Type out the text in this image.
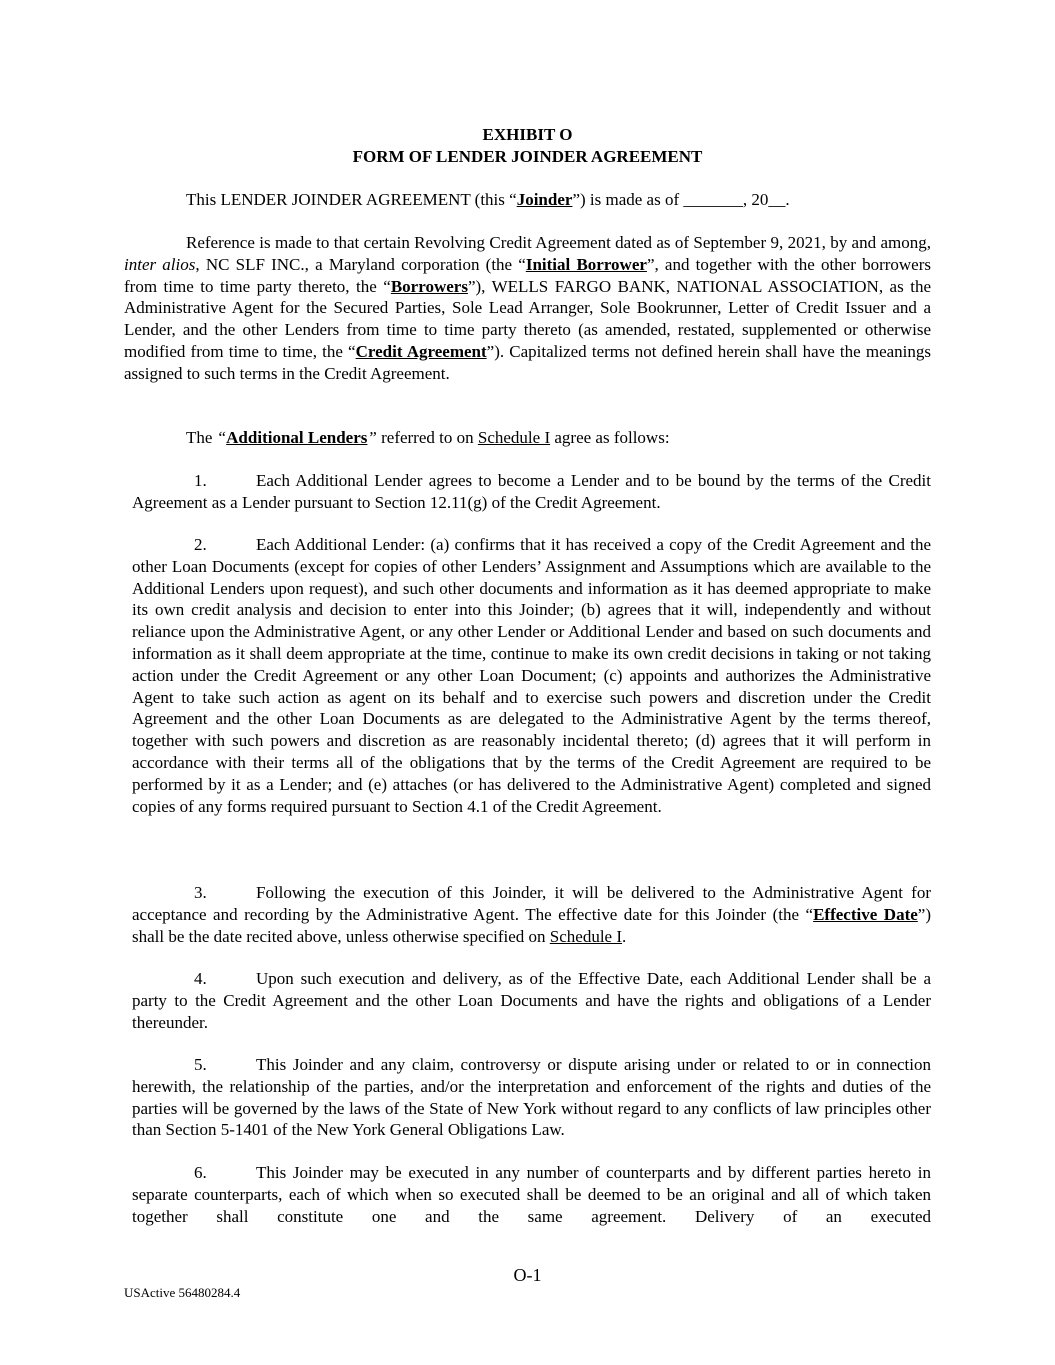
EXHIBIT O
FORM OF LENDER JOINDER AGREEMENT

This LENDER JOINDER AGREEMENT (this “Joinder”) is made as of _______, 20__.

Reference is made to that certain Revolving Credit Agreement dated as of September 9, 2021, by and among, inter alios, NC SLF INC., a Maryland corporation (the “Initial Borrower”, and together with the other borrowers from time to time party thereto, the “Borrowers”), WELLS FARGO BANK, NATIONAL ASSOCIATION, as the Administrative Agent for the Secured Parties, Sole Lead Arranger, Sole Bookrunner, Letter of Credit Issuer and a Lender, and the other Lenders from time to time party thereto (as amended, restated, supplemented or otherwise modified from time to time, the “Credit Agreement”). Capitalized terms not defined herein shall have the meanings assigned to such terms in the Credit Agreement.

The “Additional Lenders” referred to on Schedule I agree as follows:

1.	Each Additional Lender agrees to become a Lender and to be bound by the terms of the Credit Agreement as a Lender pursuant to Section 12.11(g) of the Credit Agreement.

2.	Each Additional Lender: (a) confirms that it has received a copy of the Credit Agreement and the other Loan Documents (except for copies of other Lenders’ Assignment and Assumptions which are available to the Additional Lenders upon request), and such other documents and information as it has deemed appropriate to make its own credit analysis and decision to enter into this Joinder; (b) agrees that it will, independently and without reliance upon the Administrative Agent, or any other Lender or Additional Lender and based on such documents and information as it shall deem appropriate at the time, continue to make its own credit decisions in taking or not taking action under the Credit Agreement or any other Loan Document; (c) appoints and authorizes the Administrative Agent to take such action as agent on its behalf and to exercise such powers and discretion under the Credit Agreement and the other Loan Documents as are delegated to the Administrative Agent by the terms thereof, together with such powers and discretion as are reasonably incidental thereto; (d) agrees that it will perform in accordance with their terms all of the obligations that by the terms of the Credit Agreement are required to be performed by it as a Lender; and (e) attaches (or has delivered to the Administrative Agent) completed and signed copies of any forms required pursuant to Section 4.1 of the Credit Agreement.

3.	Following the execution of this Joinder, it will be delivered to the Administrative Agent for acceptance and recording by the Administrative Agent. The effective date for this Joinder (the “Effective Date”) shall be the date recited above, unless otherwise specified on Schedule I.

4.	Upon such execution and delivery, as of the Effective Date, each Additional Lender shall be a party to the Credit Agreement and the other Loan Documents and have the rights and obligations of a Lender thereunder.

5.	This Joinder and any claim, controversy or dispute arising under or related to or in connection herewith, the relationship of the parties, and/or the interpretation and enforcement of the rights and duties of the parties will be governed by the laws of the State of New York without regard to any conflicts of law principles other than Section 5-1401 of the New York General Obligations Law.

6.	This Joinder may be executed in any number of counterparts and by different parties hereto in separate counterparts, each of which when so executed shall be deemed to be an original and all of which taken together shall constitute one and the same agreement. Delivery of an executed

O-1
USActive 56480284.4
